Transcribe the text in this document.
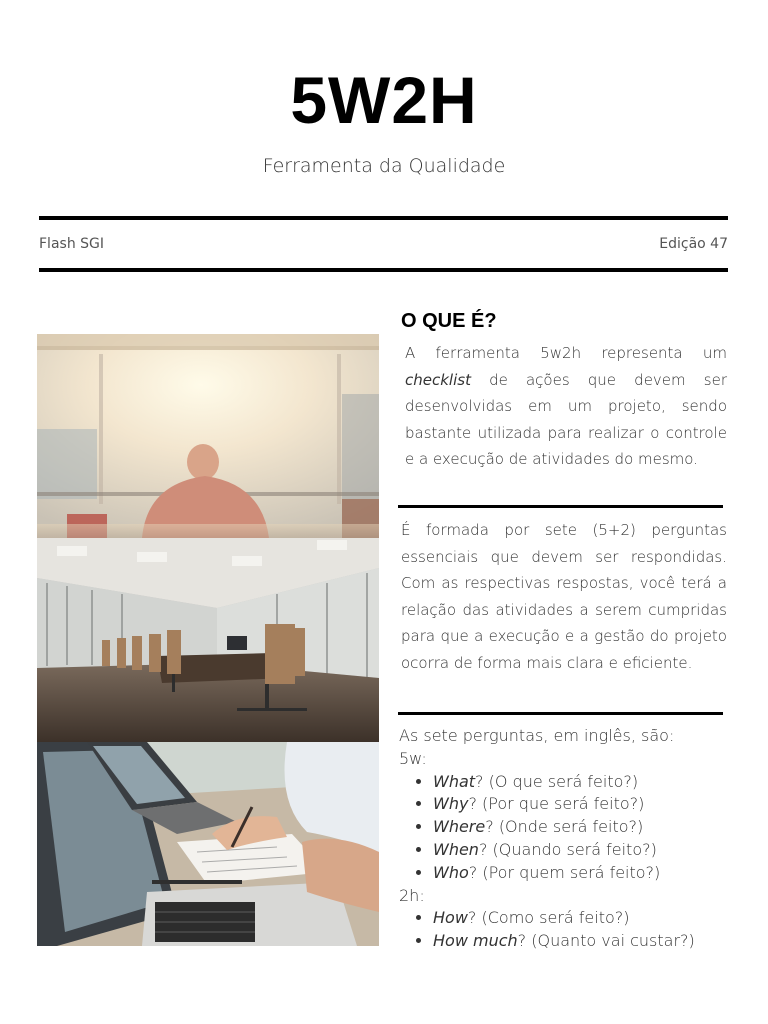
5W2H
Ferramenta da Qualidade
Flash SGI	Edição 47
O QUE É?
A ferramenta 5w2h representa um checklist de ações que devem ser desenvolvidas em um projeto, sendo bastante utilizada para realizar o controle e a execução de atividades do mesmo.
É formada por sete (5+2) perguntas essenciais que devem ser respondidas. Com as respectivas respostas, você terá a relação das atividades a serem cumpridas para que a execução e a gestão do projeto ocorra de forma mais clara e eficiente.
As sete perguntas, em inglês, são:
5w:
• What? (O que será feito?)
• Why? (Por que será feito?)
• Where? (Onde será feito?)
• When? (Quando será feito?)
• Who? (Por quem será feito?)
2h:
• How? (Como será feito?)
• How much? (Quanto vai custar?)
